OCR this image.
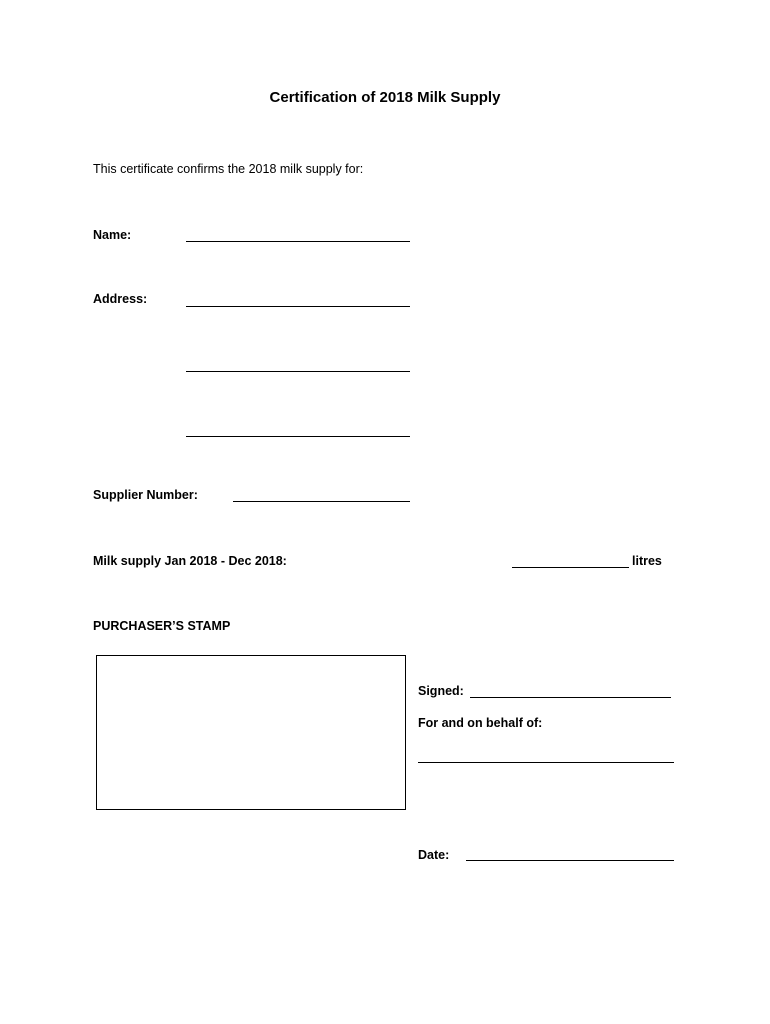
Certification of 2018 Milk Supply
This certificate confirms the 2018 milk supply for:
Name:
Address:
Supplier Number:
Milk supply Jan 2018 - Dec 2018:	litres
PURCHASER’S STAMP
Signed:
For and on behalf of:
Date:
